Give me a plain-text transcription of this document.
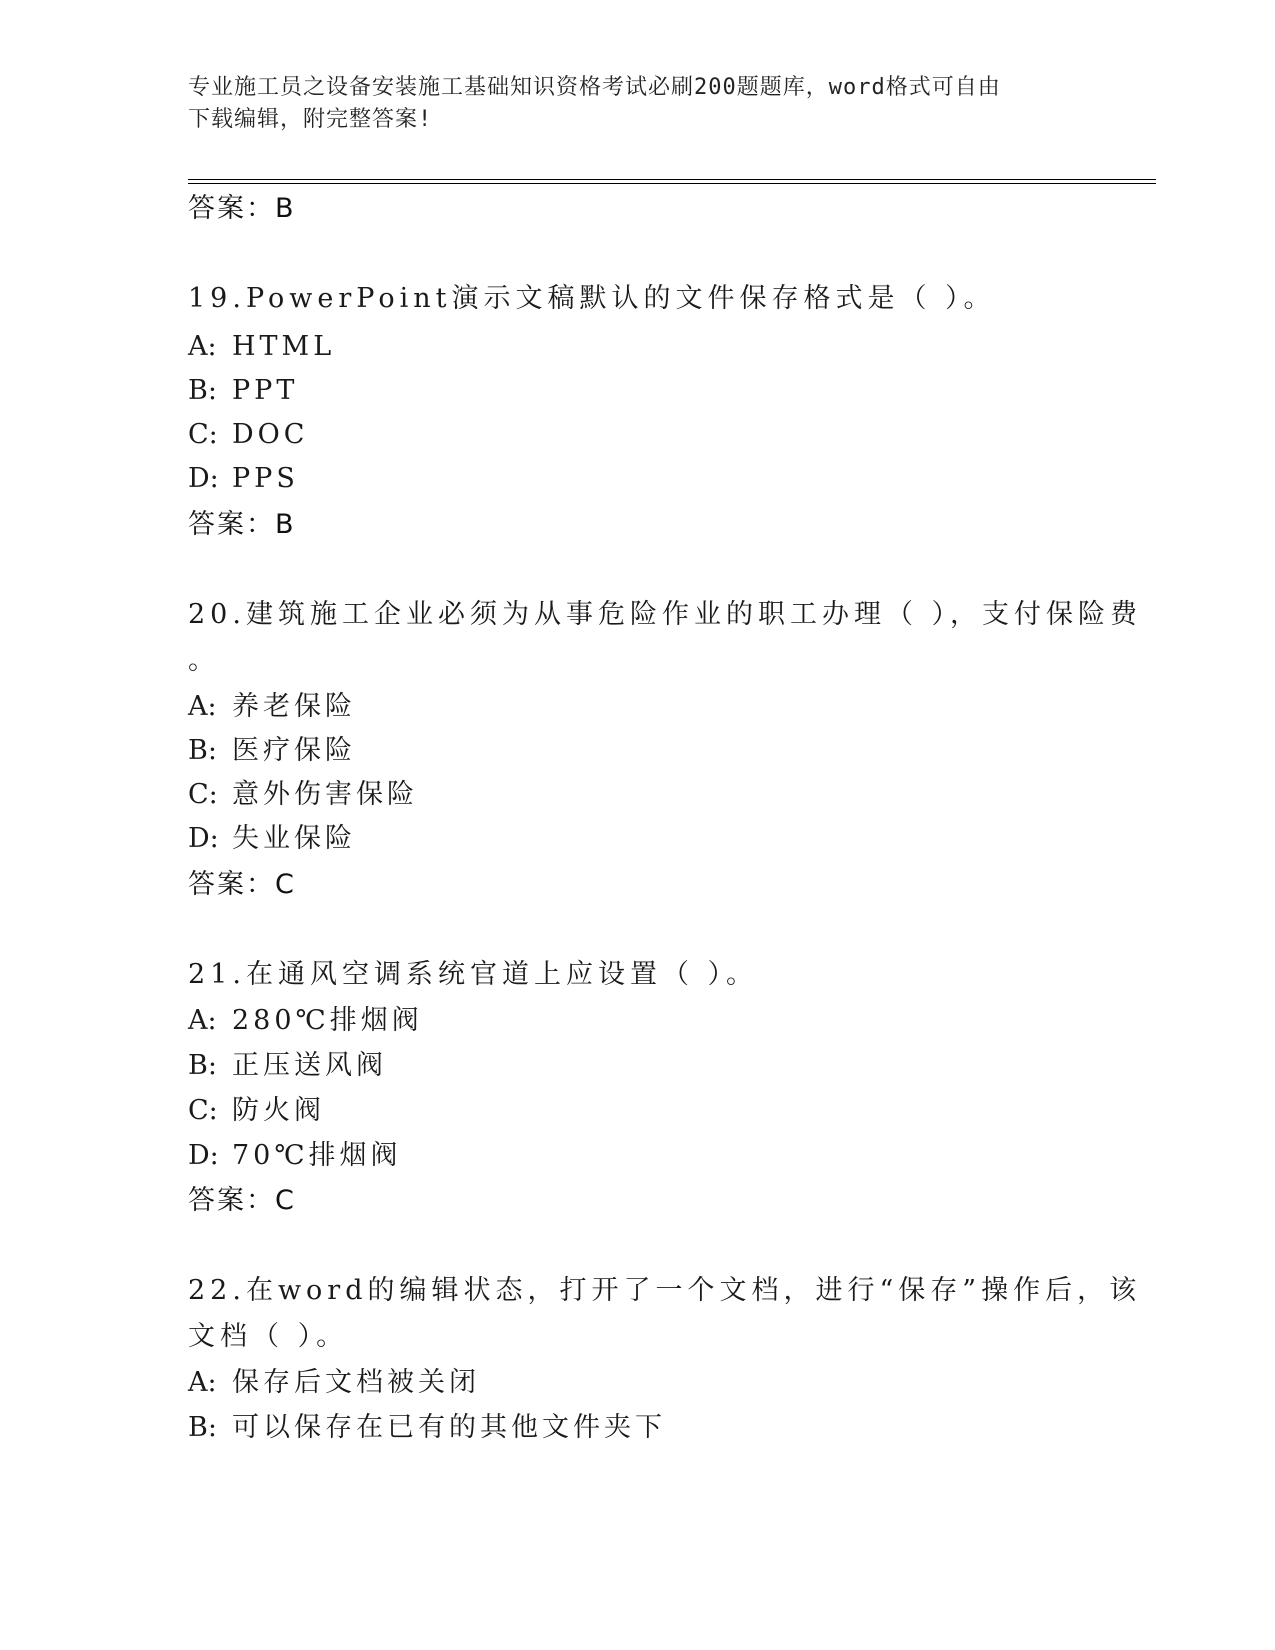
专业施工员之设备安装施工基础知识资格考试必刷200题题库，word格式可自由
下载编辑，附完整答案!
答案：B
19.PowerPoint演示文稿默认的文件保存格式是（ ）。
A: HTML
B: PPT
C: DOC
D: PPS
答案：B
20.建筑施工企业必须为从事危险作业的职工办理（ ），支付保险费
。
A: 养老保险
B: 医疗保险
C: 意外伤害保险
D: 失业保险
答案：C
21.在通风空调系统官道上应设置（ ）。
A: 280℃排烟阀
B: 正压送风阀
C: 防火阀
D: 70℃排烟阀
答案：C
22.在word的编辑状态，打开了一个文档，进行“保存”操作后，该
文档（ ）。
A: 保存后文档被关闭
B: 可以保存在已有的其他文件夹下
